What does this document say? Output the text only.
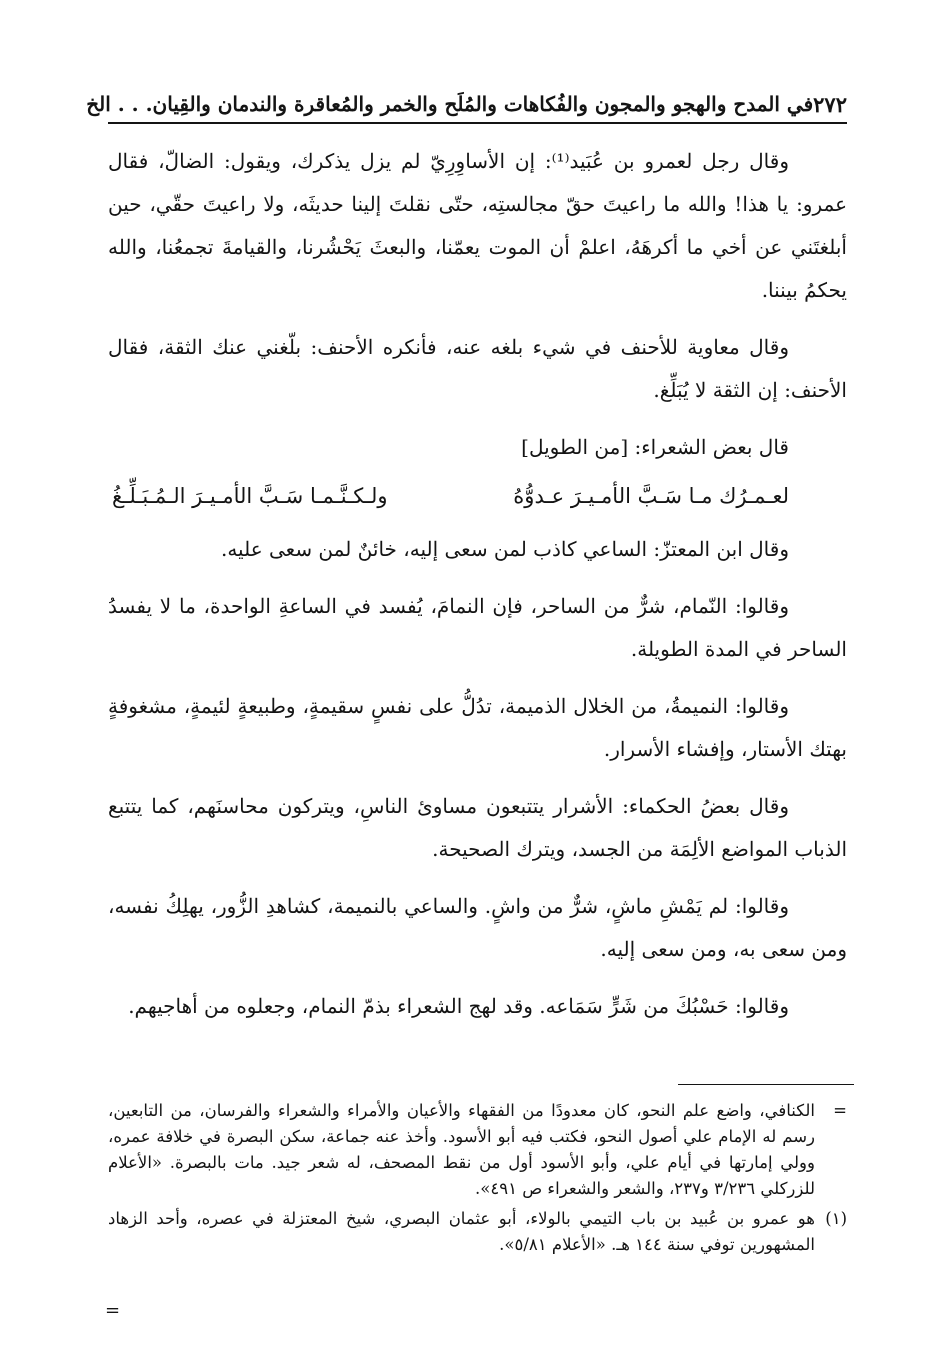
٢٧٢
في المدح والهجو والمجون والفُكاهات والمُلَح والخمر والمُعاقرة والندمان والقِيان. . . الخ

وقال رجل لعمرو بن عُبَيد⁽¹⁾: إن الأساوِرِيّ لم يزل يذكرك، ويقول: الضالّ، فقال عمرو: يا هذا! والله ما راعيتَ حقّ مجالستِه، حتّى نقلتَ إلينا حديثَه، ولا راعيتَ حقّي، حين أبلغتَني عن أخي ما أكرهَهُ، اعلمْ أن الموت يعمّنا، والبعثَ يَحْشُرنا، والقيامةَ تجمعُنا، والله يحكمُ بيننا.

وقال معاوية للأحنف في شيء بلغه عنه، فأنكره الأحنف: بلّغني عنك الثقة، فقال الأحنف: إن الثقة لا يُبَلِّغ.

قال بعض الشعراء: [من الطويل]

لعـمـرُك مـا سَـبَّ الأمـيـرَ عـدوُّهُ
ولـكـنَّـمـا سَـبَّ الأمـيـرَ الـمُـبَـلِّـغُ

وقال ابن المعتزّ: الساعي كاذب لمن سعى إليه، خائنٌ لمن سعى عليه.

وقالوا: النّمام، شرٌّ من الساحر، فإن النمامَ، يُفسد في الساعةِ الواحدة، ما لا يفسدُ الساحر في المدة الطويلة.

وقالوا: النميمةُ، من الخلال الذميمة، تدُلُّ على نفسٍ سقيمةٍ، وطبيعةٍ لئيمةٍ، مشغوفةٍ بهتك الأستار، وإفشاء الأسرار.

وقال بعضُ الحكماء: الأشرار يتتبعون مساوئ الناسِ، ويتركون محاسنَهم، كما يتتبع الذباب المواضع الألِمَة من الجسد، ويترك الصحيحة.

وقالوا: لم يَمْشِ ماشٍ، شرٌّ من واشٍ. والساعي بالنميمة، كشاهدِ الزُّور، يهلِكُ نفسه، ومن سعى به، ومن سعى إليه.

وقالوا: حَسْبُكَ من شَرٍّ سَمَاعه. وقد لهج الشعراء بذمّ النمام، وجعلوه من أهاجيهم.

=
الكنافي، واضع علم النحو، كان معدودًا من الفقهاء والأعيان والأمراء والشعراء والفرسان، من التابعين، رسم له الإمام علي أصول النحو، فكتب فيه أبو الأسود. وأخذ عنه جماعة، سكن البصرة في خلافة عمره، وولي إمارتها في أيام علي، وأبو الأسود أول من نقط المصحف، له شعر جيد. مات بالبصرة. «الأعلام للزركلي ٣/٢٣٦ و٢٣٧، والشعر والشعراء ص ٤٩١».
(١)
هو عمرو بن عُبيد بن باب التيمي بالولاء، أبو عثمان البصري، شيخ المعتزلة في عصره، وأحد الزهاد المشهورين توفي سنة ١٤٤ هـ. «الأعلام ٥/٨١».
=
